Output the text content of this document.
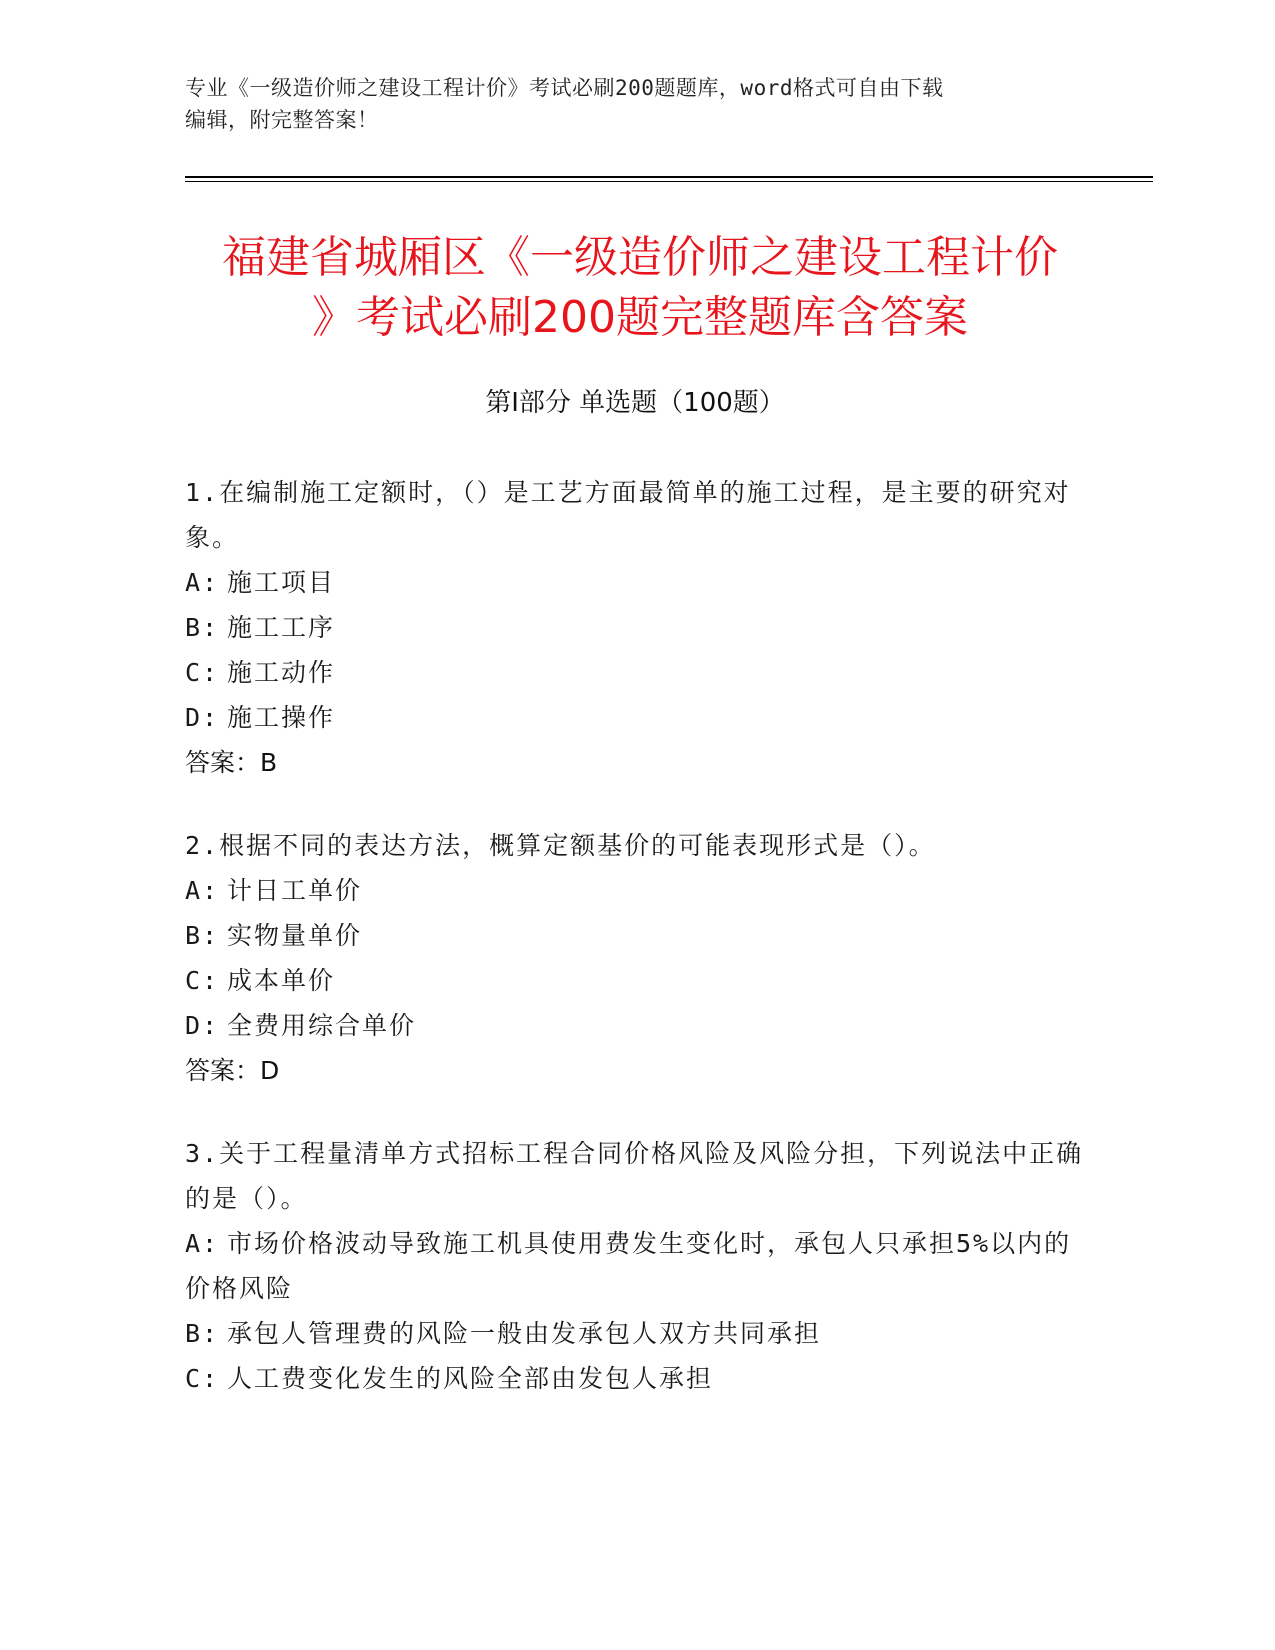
专业《一级造价师之建设工程计价》考试必刷200题题库，word格式可自由下载
编辑，附完整答案！
福建省城厢区《一级造价师之建设工程计价
》考试必刷200题完整题库含答案
第Ⅰ部分 单选题（100题）
1.在编制施工定额时，（）是工艺方面最简单的施工过程，是主要的研究对象。
A: 施工项目
B: 施工工序
C: 施工动作
D: 施工操作
答案：B
2.根据不同的表达方法，概算定额基价的可能表现形式是（）。
A: 计日工单价
B: 实物量单价
C: 成本单价
D: 全费用综合单价
答案：D
3.关于工程量清单方式招标工程合同价格风险及风险分担，下列说法中正确的是（）。
A: 市场价格波动导致施工机具使用费发生变化时，承包人只承担5%以内的价格风险
B: 承包人管理费的风险一般由发承包人双方共同承担
C: 人工费变化发生的风险全部由发包人承担
